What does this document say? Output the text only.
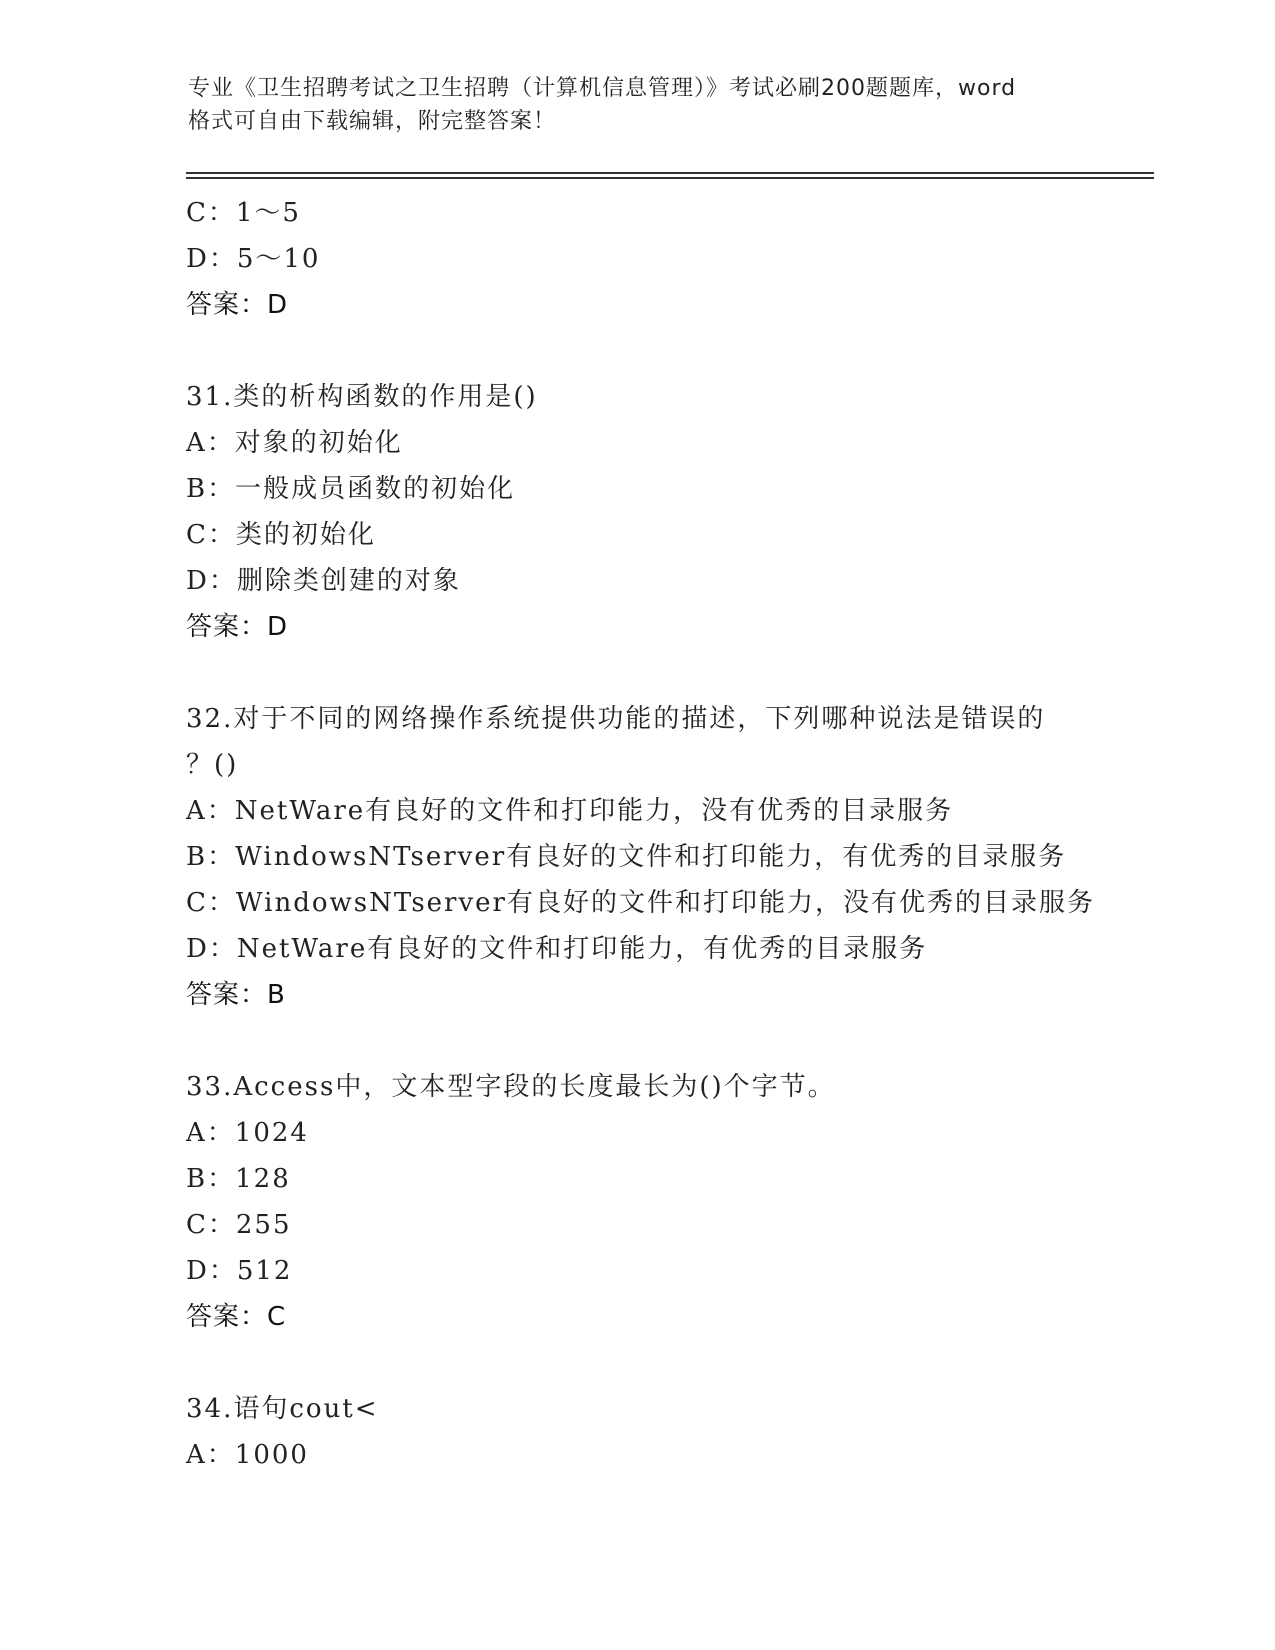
专业《卫生招聘考试之卫生招聘（计算机信息管理）》考试必刷200题题库，word
格式可自由下载编辑，附完整答案！
C：1～5
D：5～10
答案：D
31.类的析构函数的作用是()
A：对象的初始化
B：一般成员函数的初始化
C：类的初始化
D：删除类创建的对象
答案：D
32.对于不同的网络操作系统提供功能的描述，下列哪种说法是错误的
？()
A：NetWare有良好的文件和打印能力，没有优秀的目录服务
B：WindowsNTserver有良好的文件和打印能力，有优秀的目录服务
C：WindowsNTserver有良好的文件和打印能力，没有优秀的目录服务
D：NetWare有良好的文件和打印能力，有优秀的目录服务
答案：B
33.Access中，文本型字段的长度最长为()个字节。
A：1024
B：128
C：255
D：512
答案：C
34.语句cout<
A：1000
